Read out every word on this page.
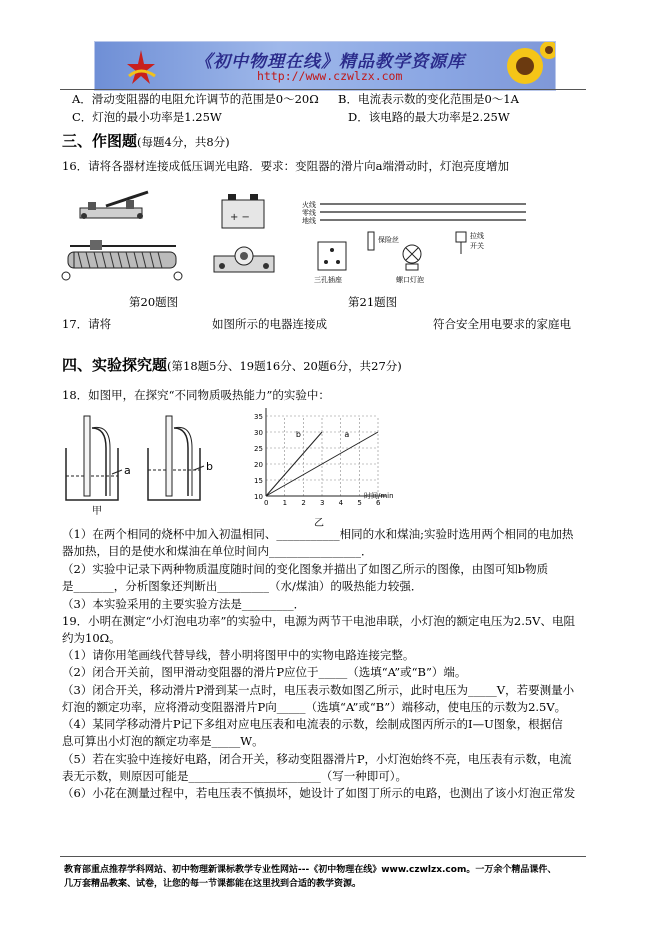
《初中物理在线》精品教学资源库
http://www.czwlzx.com
A．滑动变阻器的电阻允许调节的范围是0～20Ω B．电流表示数的变化范围是0～1A
C．灯泡的最小功率是1.25W	D．该电路的最大功率是2.25W
三、作图题(每题4分，共8分)
16．请将各器材连接成低压调光电路．要求：变阻器的滑片向a端滑动时，灯泡亮度增加
+ −
火线
零线
地线
三孔插座
保险丝
螺口灯泡
拉线
开关
第20题图	第21题图
17．请将	如图所示的电器连接成	符合安全用电要求的家庭电
四、实验探究题(第18题5分、19题16分、20题6分，共27分)
18．如图甲，在探究“不同物质吸热能力”的实验中：
a	b
甲
0 1 2 3 4 5 6
10
15
20
25
30
35
b	a
时间/min
乙
（1）在两个相同的烧杯中加入初温相同、___________相同的水和煤油;实验时选用两个相同的电加热
器加热，目的是使水和煤油在单位时间内________________．
（2）实验中记录下两种物质温度随时间的变化图象并描出了如图乙所示的图像，由图可知b物质
是_______，分析图象还判断出_________（水/煤油）的吸热能力较强．
（3）本实验采用的主要实验方法是_________．
19．小明在测定“小灯泡电功率”的实验中，电源为两节干电池串联，小灯泡的额定电压为2.5V、电阻
约为10Ω。
（1）请你用笔画线代替导线，替小明将图甲中的实物电路连接完整。
（2）闭合开关前，图甲滑动变阻器的滑片P应位于_____（选填“A”或“B”）端。
（3）闭合开关，移动滑片P滑到某一点时，电压表示数如图乙所示，此时电压为_____V，若要测量小
灯泡的额定功率，应将滑动变阻器滑片P向_____（选填“A”或“B”）端移动，使电压的示数为2.5V。
（4）某同学移动滑片P记下多组对应电压表和电流表的示数，绘制成图丙所示的I—U图象，根据信
息可算出小灯泡的额定功率是_____W。
（5）若在实验中连接好电路，闭合开关，移动变阻器滑片P，小灯泡始终不亮，电压表有示数，电流
表无示数，则原因可能是_______________________（写一种即可）。
（6）小花在测量过程中，若电压表不慎损坏，她设计了如图丁所示的电路，也测出了该小灯泡正常发
教育部重点推荐学科网站、初中物理新课标教学专业性网站---《初中物理在线》www.czwlzx.com。一万余个精品课件、
几万套精品教案、试卷，让您的每一节课都能在这里找到合适的教学资源。
